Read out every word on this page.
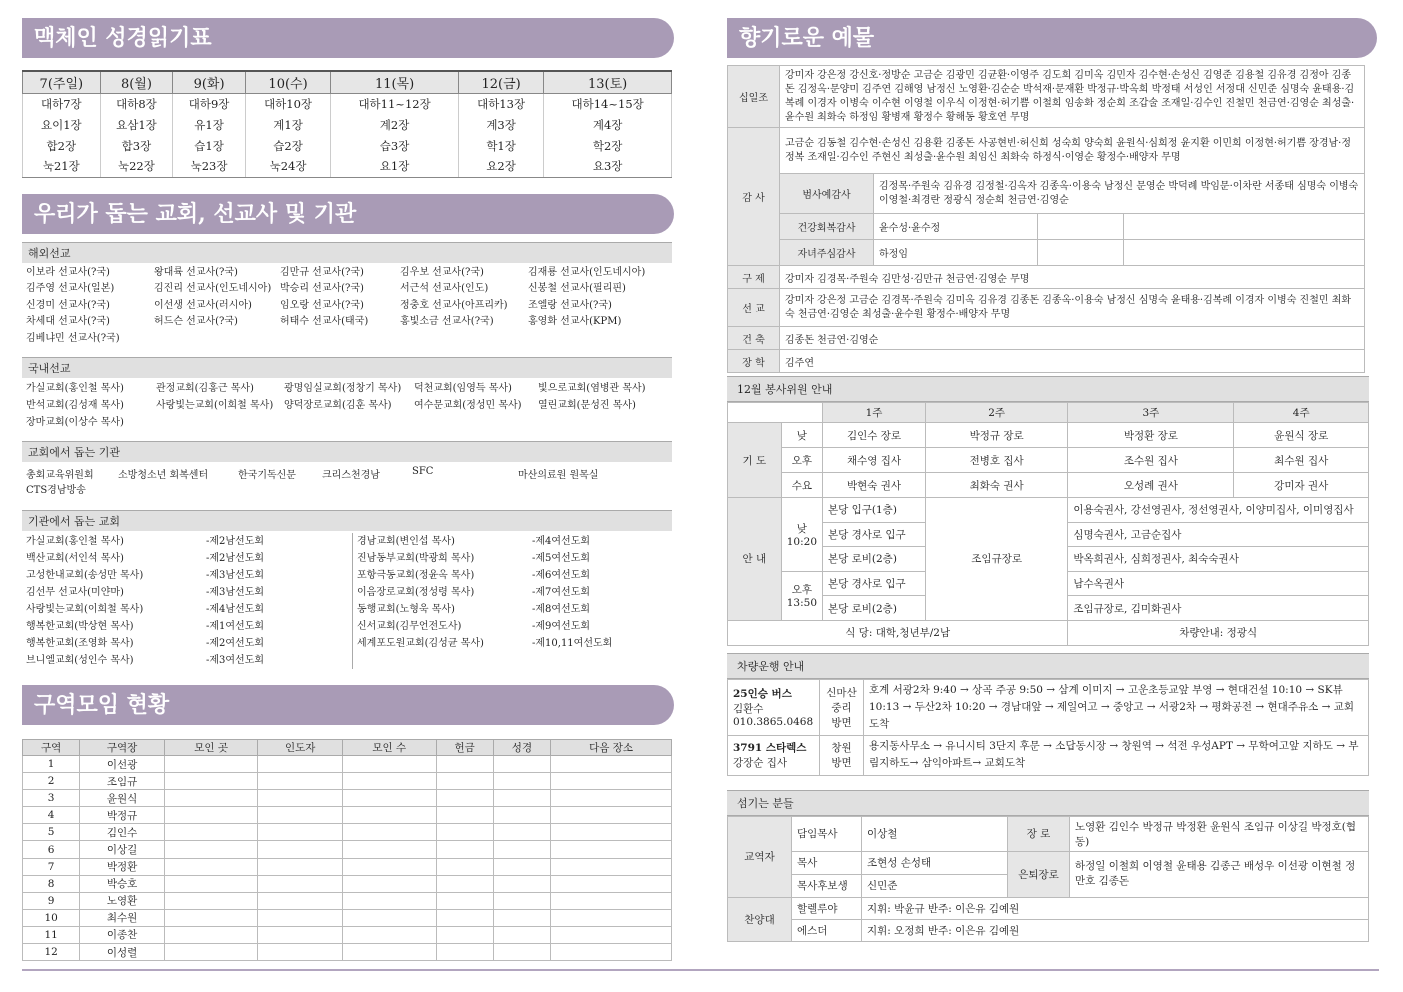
맥체인 성경읽기표
7(주일)	8(월)	9(화)	10(수)	11(목)	12(금)	13(토)
대하7장	대하8장	대하9장	대하10장	대하11~12장	대하13장	대하14~15장
요이1장	요삼1장	유1장	계1장	계2장	계3장	계4장
합2장	합3장	습1장	습2장	습3장	학1장	학2장
눅21장	눅22장	눅23장	눅24장	요1장	요2장	요3장
우리가 돕는 교회, 선교사 및 기관
해외선교
이보라 선교사(?국)	왕대륙 선교사(?국)	김만규 선교사(?국)	김우보 선교사(?국)	김재룡 선교사(인도네시아)
김주영 선교사(일본)	김진리 선교사(인도네시아) 박승리 선교사(?국)	서근석 선교사(인도)	신봉철 선교사(필리핀)
신경미 선교사(?국)	이선생 선교사(러시아)	임오랑 선교사(?국)	정충호 선교사(아프리카)	조엘랑 선교사(?국)
차세대 선교사(?국)	허드슨 선교사(?국)	허태수 선교사(태국)	홍빛소금 선교사(?국)	홍영화 선교사(KPM)
김베냐민 선교사(?국)
국내선교
가실교회(홍인철 목사)	관정교회(김홍근 목사)	광명임실교회(정창기 목사)	덕천교회(임영득 목사)	빛으로교회(염병관 목사)
반석교회(김성재 목사)	사랑빛는교회(이희철 목사)	양덕장로교회(김훈 목사)	여수문교회(정성민 목사)	열린교회(문성진 목사)
장마교회(이상수 목사)
교회에서 돕는 기관
총회교육위원회	소방청소년 회복센터	한국기독신문	크리스천경남	SFC	마산의료원 원목실
CTS경남방송
기관에서 돕는 교회
가실교회(홍인철 목사)	-제2남선도회	경남교회(변인섭 목사)	-제4여선도회
백산교회(서인석 목사)	-제2남선도회	진남동부교회(박광희 목사)	-제5여선도회
고성한내교회(송성만 목사)	-제3남선도회	포항극동교회(정윤옥 목사)	-제6여선도회
김선무 선교사(미얀마)	-제3남선도회	이음장로교회(정성령 목사)	-제7여선도회
사랑빛는교회(이희철 목사)	-제4남선도회	동행교회(노형욱 목사)	-제8여선도회
행복한교회(박상현 목사)	-제1여선도회	신서교회(김무언전도사)	-제9여선도회
행복한교회(조영화 목사)	-제2여선도회	세계포도원교회(김성균 목사)	-제10,11여선도회
브니엘교회(성인수 목사)	-제3여선도회
구역모임 현황
구역	구역장	모인 곳	인도자	모인 수	헌금	성경	다음 장소
1	이선광						
2	조임규						
3	윤원식						
4	박정규						
5	김인수						
6	이상길						
7	박정환						
8	박승호						
9	노영환						
10	최수원						
11	이종찬						
12	이성렬						
향기로운 예물
십일조	강미자 강은정 강신호·정방순 고금순 김광민 김균환·이영주 김도희 김미옥 김민자 김수현·손성신 김영준 김용철 김유경 김정아 김종돈 김정옥·문양미 김주연 김해영 남정신 노영환·김순순 박석재·문재환 박정규·박옥희 박정태 서성인 서정대 신민준 심명숙 윤태용·김복례 이경자 이병숙 이수현 이영철 이우식 이정현·허기쁨 이철희 임송화 정순희 조갑술 조재일·김수인 진철민 천금연·김영순 최성출·윤수원 최화숙 하정임 황병재 황정수 황해동 황호연 무명			
감 사	고금순 김동철 김수현·손성신 김용환 김종돈 사공현빈·허신희 성숙희 양숙희 윤원식·심희정 윤지환 이민희 이정현·허기쁨 장경남·정정복 조재일·김수인 주현신 최성출·윤수원 최임신 최화숙 하정식·이영순 황정수·배양자 무명			
	범사예감사	김정목·주원숙 김유경 김정철·김옥자 김종옥·이용숙 남정신 문영순 박덕례 박임문·이차란 서종태 심명숙 이병숙 이영철·최경란 정광식 정순희 천금연·김영순		
	건강회복감사	윤수성·윤수정		
	자녀주심감사	하정임		
구 제	강미자 김경목·주원숙 김만성·김만규 천금연·김영순 무명			
선 교	강미자 강은정 고금순 김경목·주원숙 김미옥 김유경 김종돈 김종옥·이용숙 남정신 심명숙 윤태용·김복례 이경자 이병숙 진철민 최화숙 천금연·김영순 최성출·윤수원 황정수·배양자 무명			
건 축	김종돈 천금연·김영순			
장 학	김주연			
12월 봉사위원 안내
		1주	2주	3주	4주
기 도	낮	김인수 장로	박정규 장로	박정환 장로	윤원식 장로
	오후	채수영 집사	전병호 집사	조수원 집사	최수원 집사
	수요	박현숙 권사	최화숙 권사	오성례 권사	강미자 권사
안 내	낮 10:20	본당 입구(1층)	조임규장로	이용숙권사, 강선영권사, 정선영권사, 이양미집사, 이미영집사	
		본당 경사로 입구		심명숙권사, 고금순집사	
		본당 로비(2층)		박옥희권사, 심희정권사, 최숙숙권사	
	오후 13:50	본당 경사로 입구		남수옥권사	
		본당 로비(2층)		조임규장로, 김미화권사	
식 당: 대학,청년부/2남				차량안내: 정광식	
차량운행 안내
25인승 버스
김환수
010.3865.0468	신마산 중리 방면	호계 서광2차 9:40 → 상곡 주공 9:50 → 삼계 이미지 → 고운초등교앞 부영 → 현대건설 10:10 → SK뷰 10:13 → 두산2차 10:20 → 경남대앞 → 제일여고 → 중앙고 → 서광2차 → 평화공전 → 현대주유소 → 교회도착

3791 스타렉스
강장순 집사	창원 방면	용지동사무소 → 유니시티 3단지 후문 → 소답동시장 → 창원역 → 석전 우성APT → 무학여고앞 지하도 → 부림지하도→ 삼익아파트→ 교회도착
섬기는 분들
교역자	담임목사	이상철	장 로	노영환 김인수 박정규 박정환 윤원식 조임규 이상길 박정호(협동)
	목사	조현성 손성태	은퇴장로	하정일 이철희 이영철 윤태용 김종근 배성우 이선광 이현철 정만호 김종돈
	목사후보생	신민준		
찬양대	할렐루야	지휘: 박윤규 반주: 이은유 김예원		
	에스더	지휘: 오정희 반주: 이은유 김예원		
